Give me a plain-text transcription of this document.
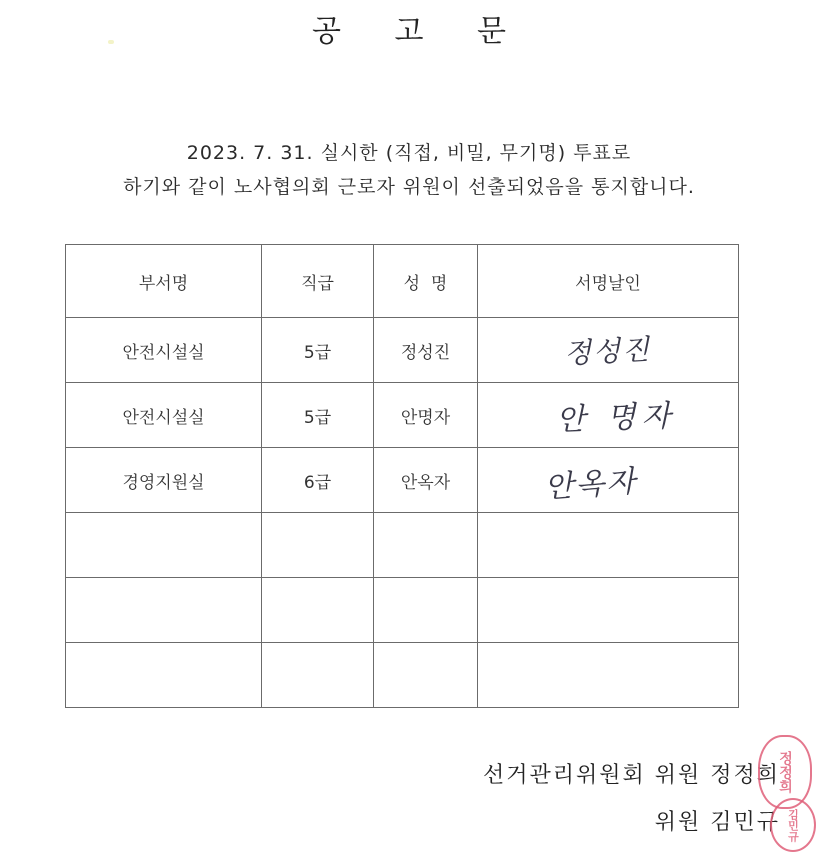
공 고 문
2023. 7. 31. 실시한 (직접, 비밀, 무기명) 투표로
하기와 같이 노사협의회 근로자 위원이 선출되었음을 통지합니다.
부서명	직급	성  명	서명날인
안전시설실	5급	정성진	정성진
안전시설실	5급	안명자	안 명자
경영지원실	6급	안옥자	안옥자

선거관리위원회 위원 정정희
위원 김민규
정정희
김민규
